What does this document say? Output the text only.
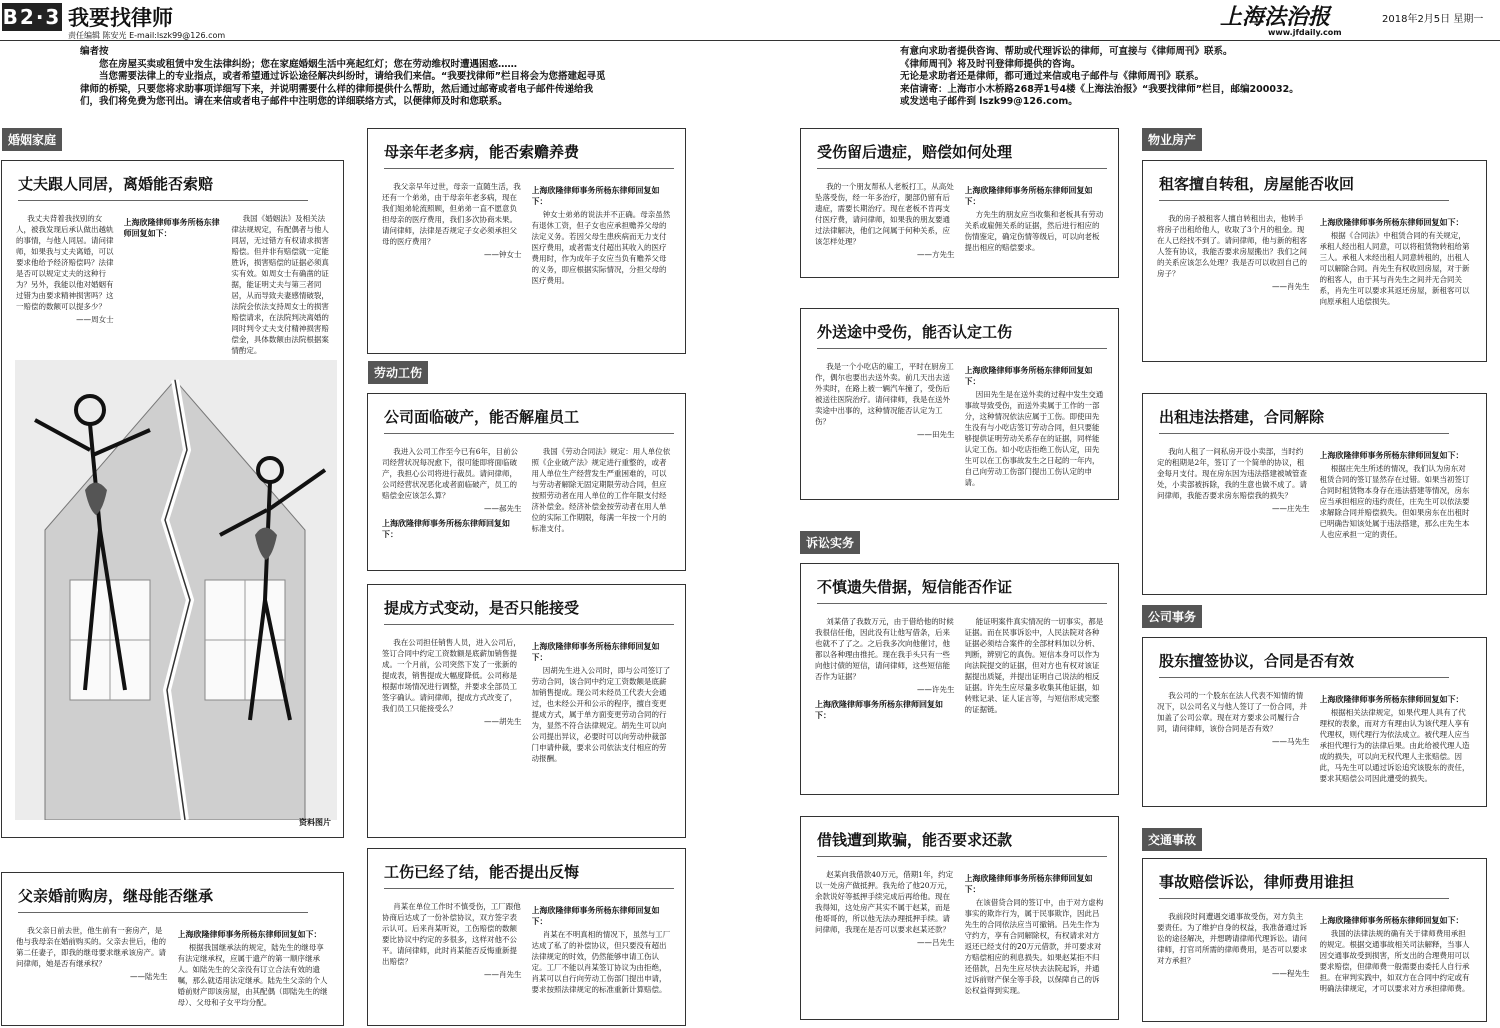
B2·3 我要找律师
责任编辑 陈安光 E-mail:lszk99@126.com
上海法治报	2018年2月5日 星期一
www.jfdaily.com

编者按

您在房屋买卖或租赁中发生法律纠纷；您在家庭婚姻生活中亮起红灯；您在劳动维权时遭遇困惑……

当您需要法律上的专业指点，或者希望通过诉讼途径解决纠纷时，请给我们来信。“我要找律师”栏目将会为您搭建起寻觅律师的桥梁，只要您将求助事项详细写下来，并说明需要什么样的律师提供什么帮助，然后通过邮寄或者电子邮件传递给我们，我们将免费为您刊出。请在来信或者电子邮件中注明您的详细联络方式，以便律师及时和您联系。

有意向求助者提供咨询、帮助或代理诉讼的律师，可直接与《律师周刊》联系。

《律师周刊》将及时刊登律师提供的咨询。

无论是求助者还是律师，都可通过来信或电子邮件与《律师周刊》联系。

来信请寄：上海市小木桥路268弄1号4楼《上海法治报》“我要找律师”栏目，邮编200032。

或发送电子邮件到 lszk99@126.com。

婚姻家庭
劳动工伤
诉讼实务
物业房产
公司事务
交通事故
丈夫跟人同居，离婚能否索赔

我丈夫背着我找别的女人，被我发现后承认做出越轨的事情，与他人同居。请问律师，如果我与丈夫离婚，可以要求他给予经济赔偿吗？法律是否可以规定丈夫的这种行为？另外，我能以他对婚姻有过错为由要求精神损害吗？这一赔偿的数额可以提多少？

——周女士

上海欣隆律师事务所杨东律师回复如下：

我国《婚姻法》及相关法律法规规定，有配偶者与他人同居，无过错方有权请求损害赔偿。但并非有赔偿就一定能胜诉，损害赔偿的证据必须真实有效。如周女士有确凿的证据，能证明丈夫与第三者同居，从而导致夫妻感情破裂，法院会依法支持周女士的损害赔偿请求，在法院判决离婚的同时判令丈夫支付精神损害赔偿金，具体数额由法院根据案情酌定。

资料图片
父亲婚前购房，继母能否继承

我父亲日前去世，他生前有一套房产，是他与我母亲在婚前购买的。父亲去世后，他的第二任妻子，即我的继母要求继承该房产。请问律师，她是否有继承权？

——陆先生

上海欣隆律师事务所杨东律师回复如下：

根据我国继承法的规定，陆先生的继母享有法定继承权，应属于遗产的第一顺序继承人。如陆先生的父亲没有订立合法有效的遗嘱，那么就适用法定继承。陆先生父亲的个人婚前财产即该房屋，由其配偶（即陆先生的继母）、父母和子女平均分配。

母亲年老多病，能否索赡养费

我父亲早年过世，母亲一直随生活，我还有一个弟弟，由于母亲年老多病，现在我们姐弟轮流照顾，但弟弟一直不愿意负担母亲的医疗费用，我们多次协商未果。请问律师，法律是否规定子女必须承担父母的医疗费用？

——钟女士

上海欣隆律师事务所杨东律师回复如下：

钟女士弟弟的说法并不正确。母亲虽然有退休工资，但子女也应承担赡养父母的法定义务。若因父母生患疾病而无力支付医疗费用，或者需支付超出其收入的医疗费用时，作为成年子女应当负有赡养父母的义务，即应根据实际情况，分担父母的医疗费用。

公司面临破产，能否解雇员工

我进入公司工作至今已有6年，目前公司经营状况每况愈下，很可能即将面临破产，我担心公司将进行裁员。请问律师，公司经营状况恶化或者面临破产，员工的赔偿金应该怎么算？

——郝先生

上海欣隆律师事务所杨东律师回复如下：

我国《劳动合同法》规定：用人单位依照《企业破产法》规定进行重整的，或者用人单位生产经营发生严重困难的，可以与劳动者解除无固定期限劳动合同，但应按照劳动者在用人单位的工作年限支付经济补偿金。经济补偿金按劳动者在用人单位的实际工作期限，每满一年按一个月的标准支付。

提成方式变动，是否只能接受

我在公司担任销售人员，进入公司后，签订合同中约定工资数额是底薪加销售提成。一个月前，公司突然下发了一张新的提成表，销售提成大幅度降低。公司称是根据市场情况进行调整，并要求全部员工签字确认。请问律师，提成方式改变了，我们员工只能接受么？

——胡先生

上海欣隆律师事务所杨东律师回复如下：

因胡先生进入公司时，即与公司签订了劳动合同，该合同中约定工资数额是底薪加销售提成。现公司未经员工代表大会通过，也未经公开和公示的程序，擅自变更提成方式，属于单方面变更劳动合同的行为，显然不符合法律规定。胡先生可以向公司提出异议，必要时可以向劳动仲裁部门申请仲裁，要求公司依法支付相应的劳动报酬。

工伤已经了结，能否提出反悔

肖某在单位工作时不慎受伤，工厂跟他协商后达成了一份补偿协议，双方签字表示认可。后来肖某听说，工伤赔偿的数额要比协议中约定的多很多，这样对他不公平。请问律师，此时肖某能否反悔重新提出赔偿？

——肖先生

上海欣隆律师事务所杨东律师回复如下：

肖某在不明真相的情况下，虽然与工厂达成了私了的补偿协议，但只要没有超出法律规定的时效，仍然能够申请工伤认定。工厂不能以肖某签订协议为由拒绝，肖某可以自行向劳动工伤部门提出申请，要求按照法律规定的标准重新计算赔偿。

受伤留后遗症，赔偿如何处理

我的一个朋友帮私人老板打工，从高处坠落受伤，经一年多治疗，腿部仍留有后遗症，需要长期治疗。现在老板不肯再支付医疗费，请问律师，如果我的朋友要通过法律解决，他们之间属于何种关系，应该怎样处理？

——方先生

上海欣隆律师事务所杨东律师回复如下：

方先生的朋友应当收集和老板具有劳动关系或雇佣关系的证据，然后进行相应的伤情鉴定，确定伤情等级后，可以向老板提出相应的赔偿要求。

外送途中受伤，能否认定工伤

我是一个小吃店的雇工，平时在厨房工作，偶尔也要出去送外卖。前几天出去送外卖时，在路上被一辆汽车撞了，受伤后被送往医院治疗。请问律师，我是在送外卖途中出事的，这种情况能否认定为工伤？

——田先生

上海欣隆律师事务所杨东律师回复如下：

因田先生是在送外卖的过程中发生交通事故导致受伤，而送外卖属于工作的一部分，这种情况依法应属于工伤。即使田先生没有与小吃店签订劳动合同，但只要能够提供证明劳动关系存在的证据，同样能认定工伤。如小吃店拒绝工伤认定，田先生可以在工伤事故发生之日起的一年内，自己向劳动工伤部门提出工伤认定的申请。

不慎遗失借据，短信能否作证

刘某借了我数万元，由于借给他的时候我很信任他，因此没有让他写借条，后来也就不了了之。之后我多次向他催讨，他都以各种理由推托。现在我手头只有一些向他讨债的短信，请问律师，这些短信能否作为证据？

——许先生

上海欣隆律师事务所杨东律师回复如下：

能证明案件真实情况的一切事实，都是证据。而在民事诉讼中，人民法院对各种证据必须结合案件的全部材料加以分析、判断，辨别它的真伪。短信本身可以作为向法院提交的证据，但对方也有权对该证据提出质疑，并提出证明自己说法的相反证据。许先生应尽量多收集其他证据，如转账记录、证人证言等，与短信形成完整的证据链。

借钱遭到欺骗，能否要求还款

赵某向我借款40万元，借期1年，约定以一处房产做抵押。我先给了他20万元，余款说好等抵押手续完成后再给他。现在我得知，这处房产其实不属于赵某，而是他哥哥的，所以他无法办理抵押手续。请问律师，我现在是否可以要求赵某还款？

——吕先生

上海欣隆律师事务所杨东律师回复如下：

在该借贷合同的签订中，由于对方虚构事实的欺诈行为，属于民事欺诈，因此吕先生的合同依法应当可撤销。吕先生作为守约方，享有合同解除权，有权请求对方返还已经支付的20万元借款，并可要求对方赔偿相应的利息损失。如果赵某拒不归还借款，吕先生应尽快去法院起诉，并通过诉前财产保全等手段，以保障自己的诉讼权益得到实现。

租客擅自转租，房屋能否收回

我的房子被租客人擅自转租出去，他转手将房子出租给他人，收取了3个月的租金。现在人已经找不到了。请问律师，他与新的租客人签有协议，我能否要求房屋搬出？我们之间的关系应该怎么处理？我是否可以收回自己的房子？

——肖先生

上海欣隆律师事务所杨东律师回复如下：

根据《合同法》中租赁合同的有关规定，承租人经出租人同意，可以将租赁物转租给第三人。承租人未经出租人同意转租的，出租人可以解除合同。肖先生有权收回房屋，对于新的租客人，由于其与肖先生之间并无合同关系，肖先生可以要求其返还房屋，新租客可以向原承租人追偿损失。

出租违法搭建，合同解除

我向人租了一间私房开设小卖部，当时约定的租期是2年，签订了一个简单的协议，租金每月支付。现在房东因为违法搭建被城管查处，小卖部被拆除，我的生意也做不成了。请问律师，我能否要求房东赔偿我的损失？

——庄先生

上海欣隆律师事务所杨东律师回复如下：

根据庄先生所述的情况，我们认为房东对租赁合同的签订显然存在过错。如果当初签订合同时租赁物本身存在违法搭建等情况，房东应当承担相应的违约责任，庄先生可以依法要求解除合同并赔偿损失。但如果房东在出租时已明确告知该处属于违法搭建，那么庄先生本人也应承担一定的责任。

股东擅签协议，合同是否有效

我公司的一个股东在法人代表不知情的情况下，以公司名义与他人签订了一份合同，并加盖了公司公章。现在对方要求公司履行合同，请问律师，该份合同是否有效？

——马先生

上海欣隆律师事务所杨东律师回复如下：

根据相关法律规定，如果代理人具有了代理权的表象，而对方有理由认为该代理人享有代理权，则代理行为依法成立。被代理人应当承担代理行为的法律后果。由此给被代理人造成的损失，可以向无权代理人主张赔偿。因此，马先生可以通过诉讼追究该股东的责任，要求其赔偿公司因此遭受的损失。

事故赔偿诉讼，律师费用谁担

我前段时间遭遇交通事故受伤，对方负主要责任。为了维护自身的权益，我准备通过诉讼的途径解决，并想聘请律师代理诉讼。请问律师，打官司所需的律师费用，是否可以要求对方承担？

——程先生

上海欣隆律师事务所杨东律师回复如下：

我国的法律法规的确有关于律师费用承担的规定。根据交通事故相关司法解释，当事人因交通事故受到损害，所支出的合理费用可以要求赔偿，但律师费一般需要由委托人自行承担。在审判实践中，如双方在合同中约定或有明确法律规定，才可以要求对方承担律师费。
